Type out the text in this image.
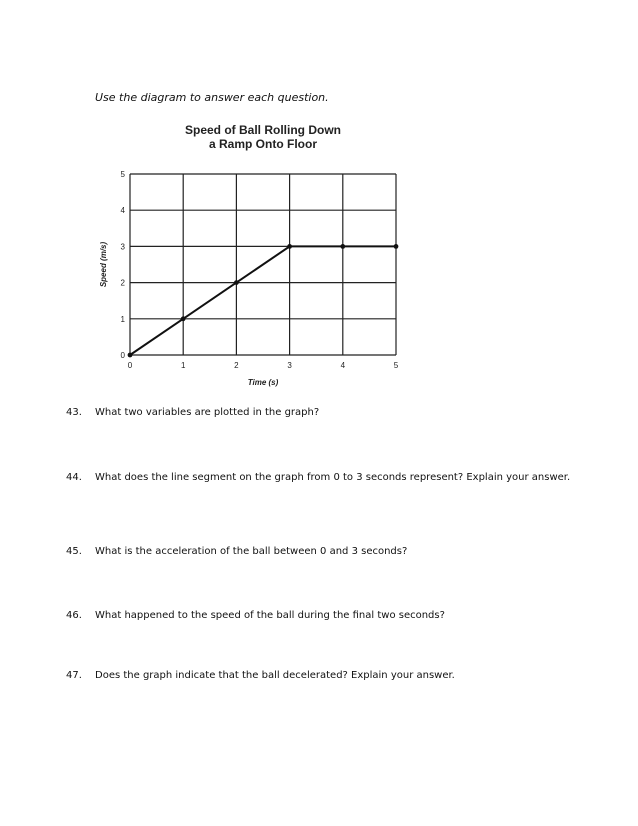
Use the diagram to answer each question.
Speed of Ball Rolling Down
a Ramp Onto Floor
0	1	2	3	4	5
0
1
2
3
4
5
Time (s)
Speed (m/s)
43. What two variables are plotted in the graph?
44. What does the line segment on the graph from 0 to 3 seconds represent? Explain your answer.
45. What is the acceleration of the ball between 0 and 3 seconds?
46. What happened to the speed of the ball during the final two seconds?
47. Does the graph indicate that the ball decelerated? Explain your answer.
